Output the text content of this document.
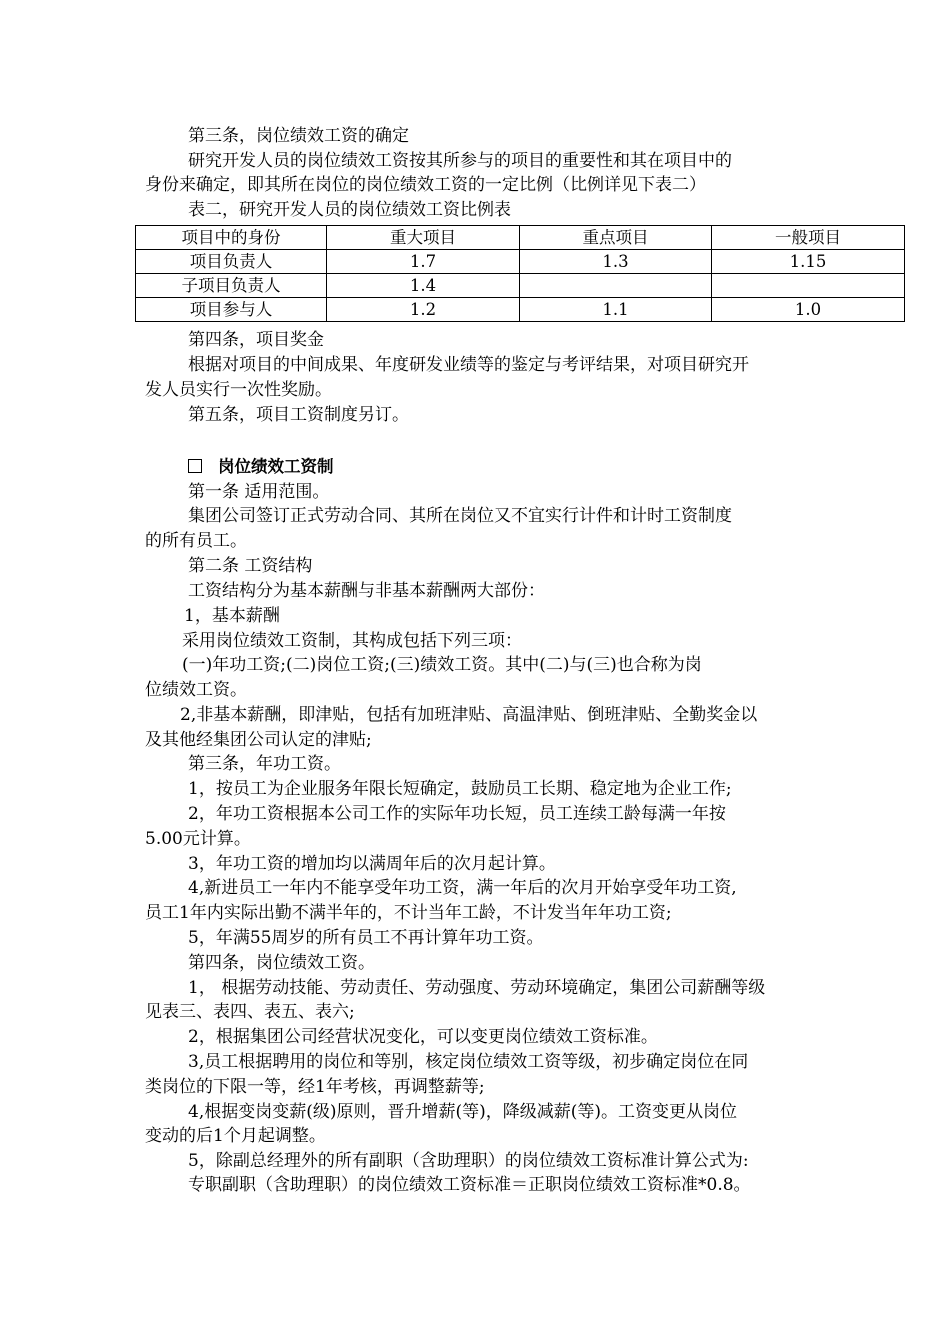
第三条，岗位绩效工资的确定
研究开发人员的岗位绩效工资按其所参与的项目的重要性和其在项目中的
身份来确定，即其所在岗位的岗位绩效工资的一定比例（比例详见下表二）
表二，研究开发人员的岗位绩效工资比例表
项目中的身份	重大项目	重点项目	一般项目
项目负责人	1.7	1.3	1.15
子项目负责人	1.4		
项目参与人	1.2	1.1	1.0
第四条，项目奖金
根据对项目的中间成果、年度研发业绩等的鉴定与考评结果，对项目研究开
发人员实行一次性奖励。
第五条，项目工资制度另订。
岗位绩效工资制
第一条 适用范围。
集团公司签订正式劳动合同、其所在岗位又不宜实行计件和计时工资制度
的所有员工。
第二条 工资结构
工资结构分为基本薪酬与非基本薪酬两大部份：
1，基本薪酬
采用岗位绩效工资制，其构成包括下列三项：
(一)年功工资;(二)岗位工资;(三)绩效工资。其中(二)与(三)也合称为岗
位绩效工资。
2,非基本薪酬，即津贴，包括有加班津贴、高温津贴、倒班津贴、全勤奖金以
及其他经集团公司认定的津贴;
第三条，年功工资。
1，按员工为企业服务年限长短确定，鼓励员工长期、稳定地为企业工作;
2，年功工资根据本公司工作的实际年功长短，员工连续工龄每满一年按
5.00元计算。
3，年功工资的增加均以满周年后的次月起计算。
4,新进员工一年内不能享受年功工资，满一年后的次月开始享受年功工资,
员工1年内实际出勤不满半年的，不计当年工龄，不计发当年年功工资;
5，年满55周岁的所有员工不再计算年功工资。
第四条，岗位绩效工资。
1， 根据劳动技能、劳动责任、劳动强度、劳动环境确定，集团公司薪酬等级
见表三、表四、表五、表六;
2，根据集团公司经营状况变化，可以变更岗位绩效工资标准。
3,员工根据聘用的岗位和等别，核定岗位绩效工资等级，初步确定岗位在同
类岗位的下限一等，经1年考核，再调整薪等;
4,根据变岗变薪(级)原则，晋升增薪(等)，降级减薪(等)。工资变更从岗位
变动的后1个月起调整。
5，除副总经理外的所有副职（含助理职）的岗位绩效工资标准计算公式为:
专职副职（含助理职）的岗位绩效工资标准＝正职岗位绩效工资标准*0.8。
